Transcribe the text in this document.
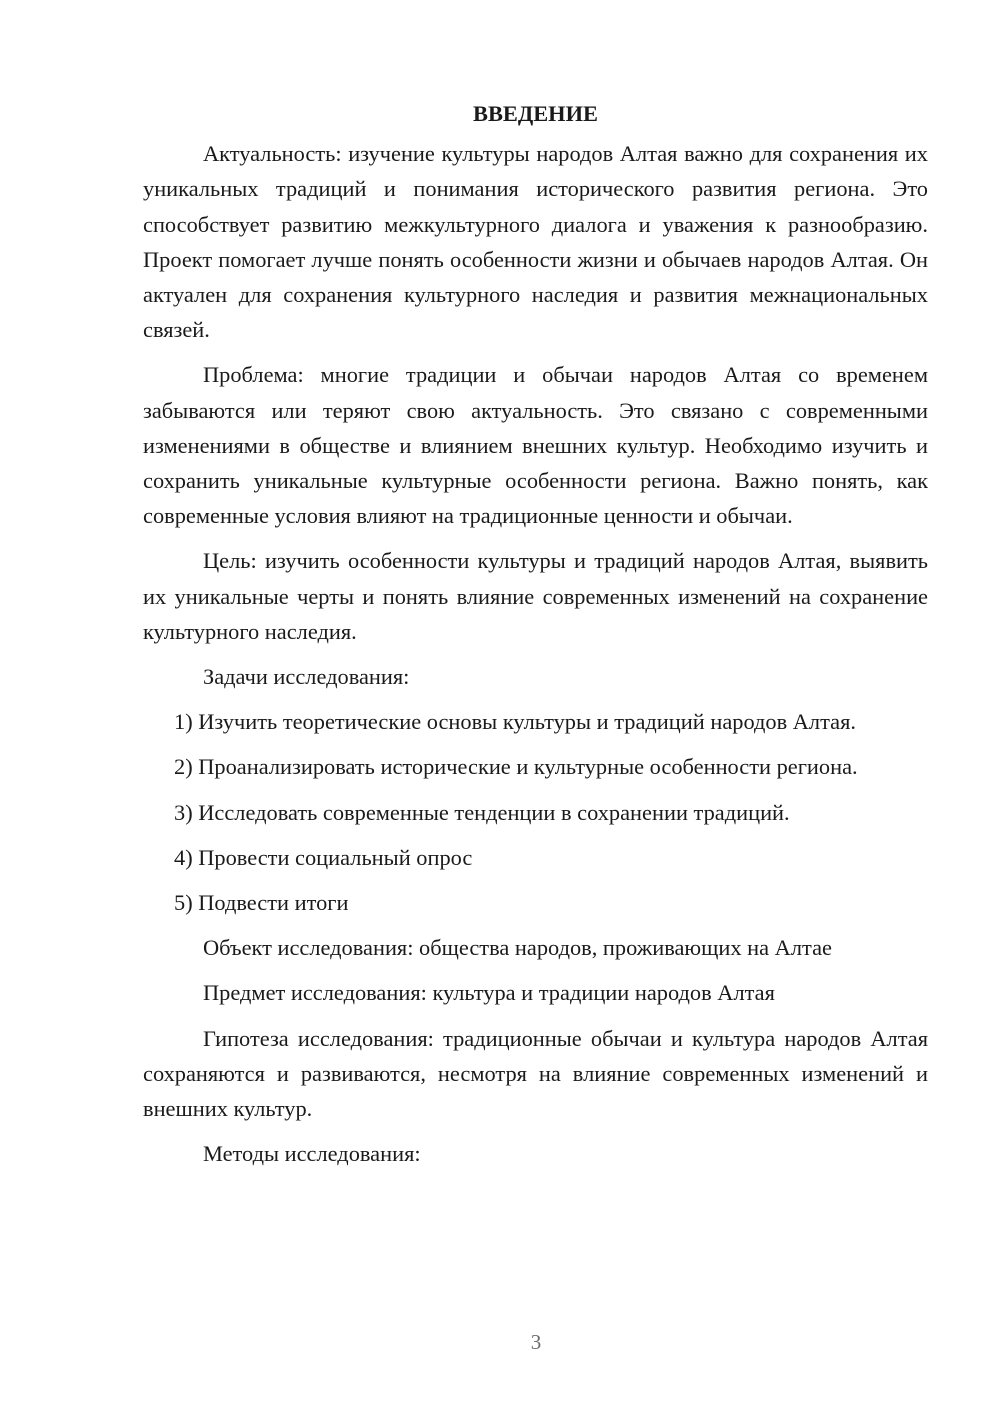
ВВЕДЕНИЕ

Актуальность: изучение культуры народов Алтая важно для сохранения их уникальных традиций и понимания исторического развития региона. Это способствует развитию межкультурного диалога и уважения к разнообразию. Проект помогает лучше понять особенности жизни и обычаев народов Алтая. Он актуален для сохранения культурного наследия и развития межнациональных связей.

Проблема: многие традиции и обычаи народов Алтая со временем забываются или теряют свою актуальность. Это связано с современными изменениями в обществе и влиянием внешних культур. Необходимо изучить и сохранить уникальные культурные особенности региона. Важно понять, как современные условия влияют на традиционные ценности и обычаи.

Цель: изучить особенности культуры и традиций народов Алтая, выявить их уникальные черты и понять влияние современных изменений на сохранение культурного наследия.

Задачи исследования:

1) Изучить теоретические основы культуры и традиций народов Алтая.

2) Проанализировать исторические и культурные особенности региона.

3) Исследовать современные тенденции в сохранении традиций.

4) Провести социальный опрос

5) Подвести итоги

Объект исследования: общества народов, проживающих на Алтае

Предмет исследования: культура и традиции народов Алтая

Гипотеза исследования: традиционные обычаи и культура народов Алтая сохраняются и развиваются, несмотря на влияние современных изменений и внешних культур.

Методы исследования:

3
